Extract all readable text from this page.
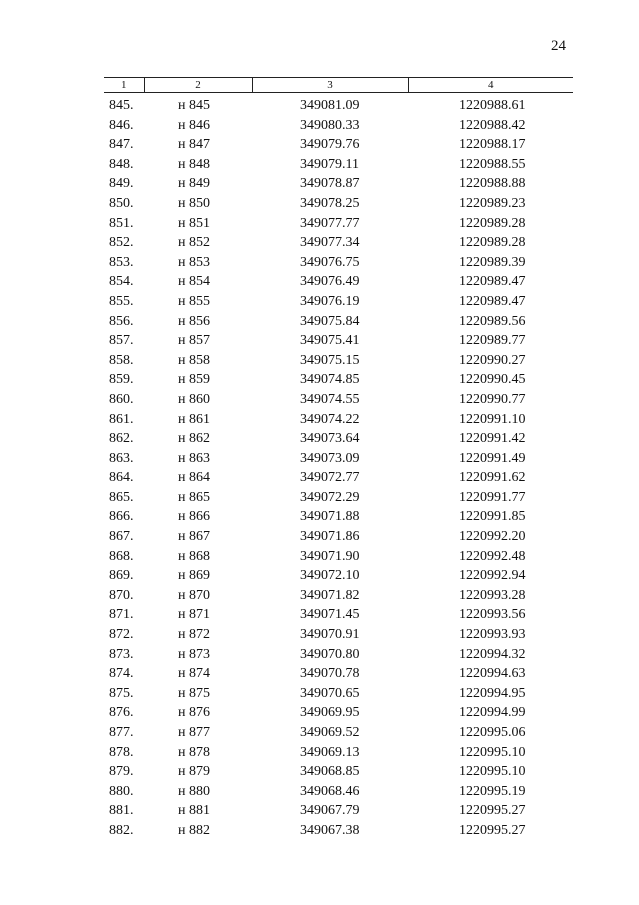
24
1	2	3	4

845.	н 845	349081.09	1220988.61
846.	н 846	349080.33	1220988.42
847.	н 847	349079.76	1220988.17
848.	н 848	349079.11	1220988.55
849.	н 849	349078.87	1220988.88
850.	н 850	349078.25	1220989.23
851.	н 851	349077.77	1220989.28
852.	н 852	349077.34	1220989.28
853.	н 853	349076.75	1220989.39
854.	н 854	349076.49	1220989.47
855.	н 855	349076.19	1220989.47
856.	н 856	349075.84	1220989.56
857.	н 857	349075.41	1220989.77
858.	н 858	349075.15	1220990.27
859.	н 859	349074.85	1220990.45
860.	н 860	349074.55	1220990.77
861.	н 861	349074.22	1220991.10
862.	н 862	349073.64	1220991.42
863.	н 863	349073.09	1220991.49
864.	н 864	349072.77	1220991.62
865.	н 865	349072.29	1220991.77
866.	н 866	349071.88	1220991.85
867.	н 867	349071.86	1220992.20
868.	н 868	349071.90	1220992.48
869.	н 869	349072.10	1220992.94
870.	н 870	349071.82	1220993.28
871.	н 871	349071.45	1220993.56
872.	н 872	349070.91	1220993.93
873.	н 873	349070.80	1220994.32
874.	н 874	349070.78	1220994.63
875.	н 875	349070.65	1220994.95
876.	н 876	349069.95	1220994.99
877.	н 877	349069.52	1220995.06
878.	н 878	349069.13	1220995.10
879.	н 879	349068.85	1220995.10
880.	н 880	349068.46	1220995.19
881.	н 881	349067.79	1220995.27
882.	н 882	349067.38	1220995.27
